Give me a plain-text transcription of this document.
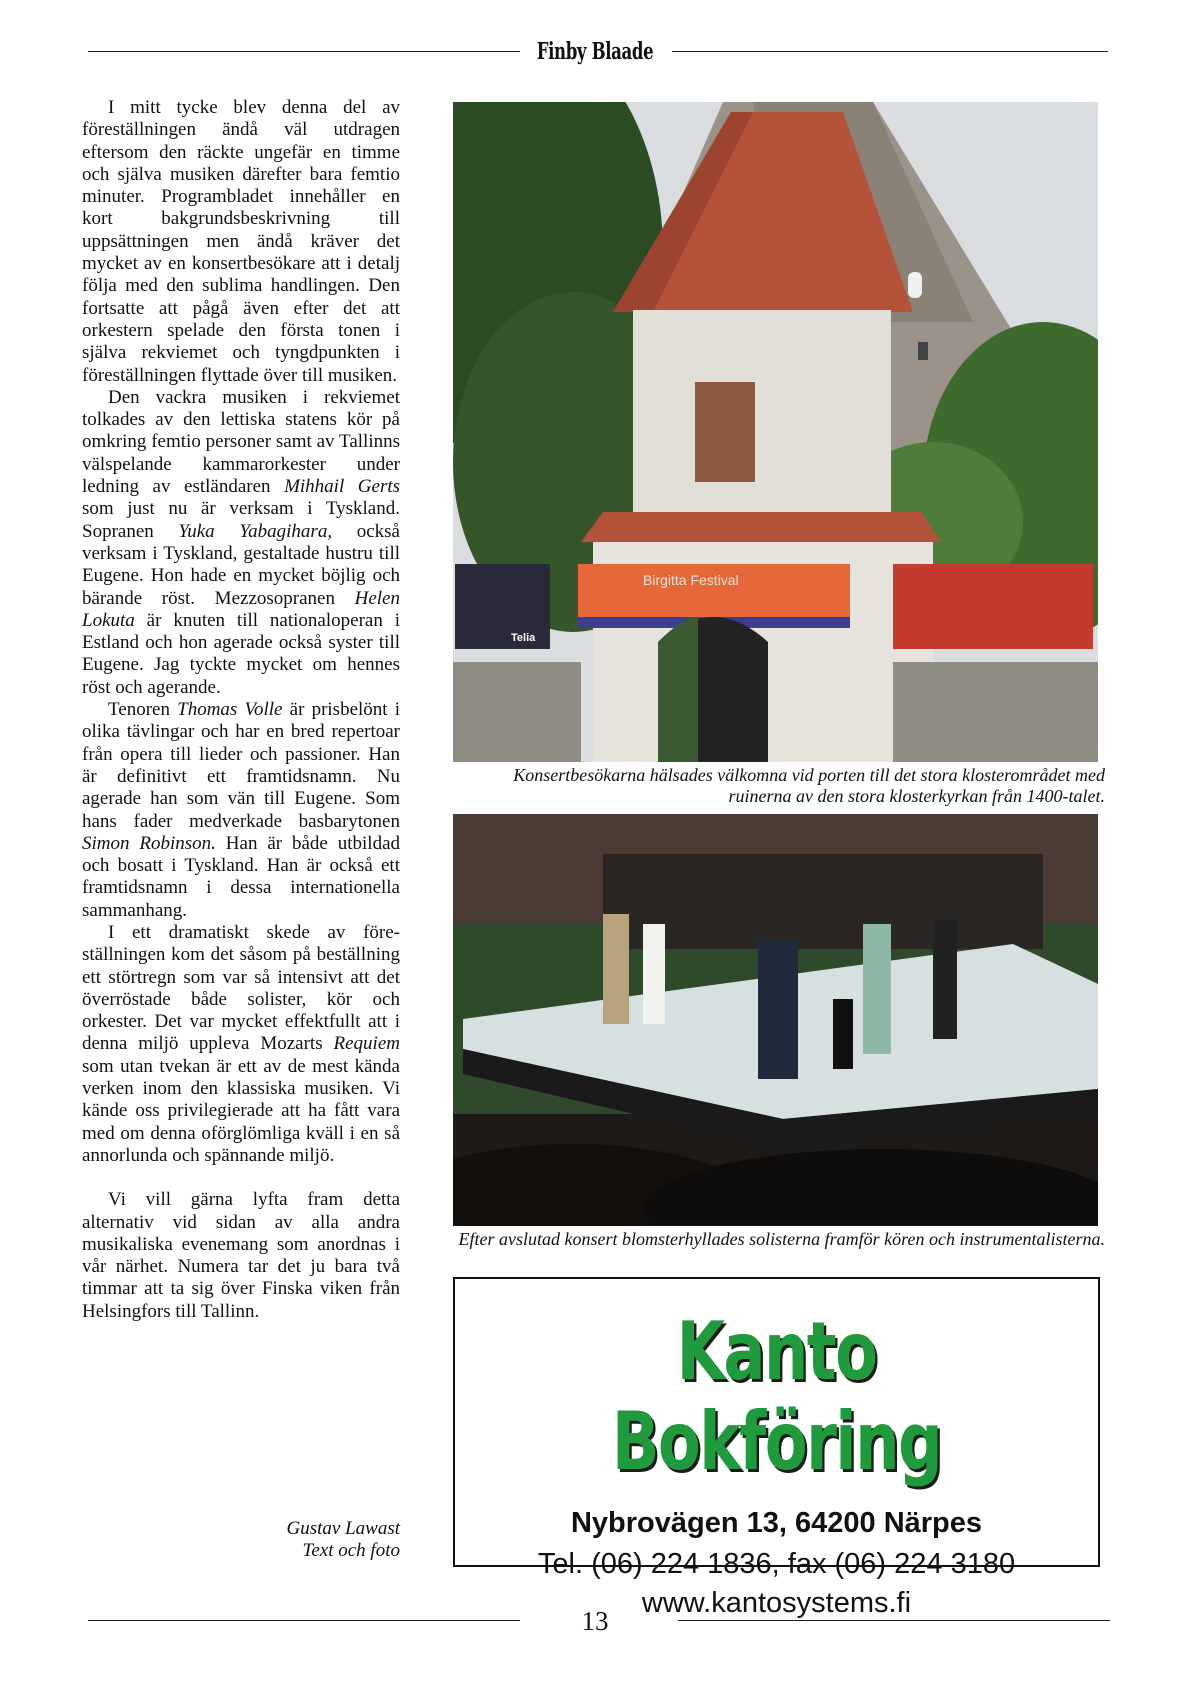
Finby Blaade

I mitt tycke blev denna del av föreställningen ändå väl utdragen eftersom den räckte ungefär en timme och själva musiken därefter bara femtio minuter. Programbladet innehåller en kort bakgrundsbeskrivning till uppsättningen men ändå kräver det mycket av en konsertbesökare att i detalj följa med den sublima handlingen. Den fortsatte att pågå även efter det att orkestern spelade den första tonen i själva rekviemet och tyngdpunkten i föreställningen flyttade över till musiken.

Den vackra musiken i rekviemet tolkades av den lettiska statens kör på omkring femtio personer samt av Tallinns välspelande kammarorkester under ledning av estländaren Mihhail Gerts som just nu är verksam i Tyskland. Sopranen Yuka Yabagihara, också verksam i Tyskland, gestaltade hustru till Eugene. Hon hade en mycket böjlig och bärande röst. Mezzosopranen Helen Lokuta är knuten till nationaloperan i Estland och hon agerade också syster till Eugene. Jag tyckte mycket om hennes röst och agerande.

Tenoren Thomas Volle är prisbelönt i olika tävlingar och har en bred repertoar från opera till lieder och passioner. Han är definitivt ett framtidsnamn. Nu agerade han som vän till Eugene. Som hans fader medverkade basbarytonen Simon Robinson. Han är både utbildad och bosatt i Tyskland. Han är också ett framtidsnamn i dessa internationella sammanhang.

I ett dramatiskt skede av föreställningen kom det såsom på beställning ett störtregn som var så intensivt att det överröstade både solister, kör och orkester. Det var mycket effektfullt att i denna miljö uppleva Mozarts Requiem som utan tvekan är ett av de mest kända verken inom den klassiska musiken. Vi kände oss privilegierade att ha fått vara med om denna oförglömliga kväll i en så annorlunda och spännande miljö.

Vi vill gärna lyfta fram detta alternativ vid sidan av alla andra musikaliska evenemang som anordnas i vår närhet. Numera tar det ju bara två timmar att ta sig över Finska viken från Helsingfors till Tallinn.

Gustav Lawast
Text och foto
Birgitta Festival
Telia
Konsertbesökarna hälsades välkomna vid porten till det stora klosterområdet med ruinerna av den stora klosterkyrkan från 1400-talet.
Efter avslutad konsert blomsterhyllades solisterna framför kören och instrumentalisterna.
Kanto Bokföring
Nybrovägen 13, 64200 Närpes
Tel. (06) 224 1836, fax (06) 224 3180
www.kantosystems.fi
13
